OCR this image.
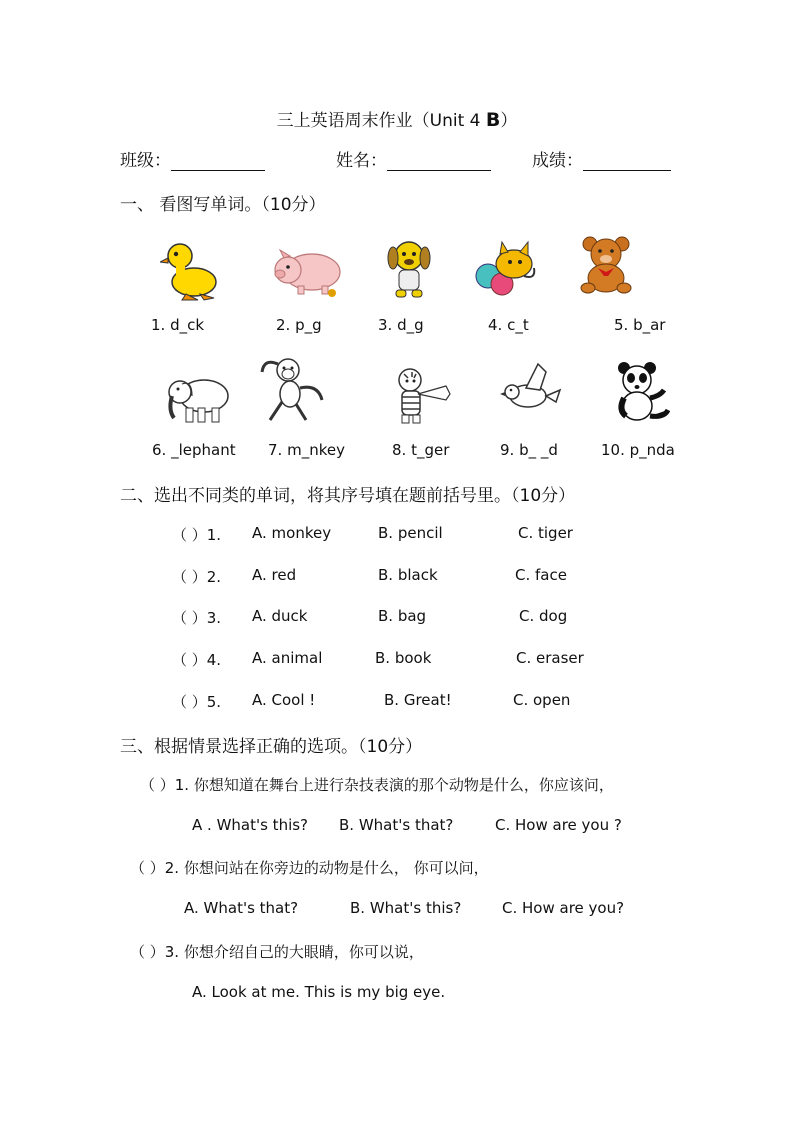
三上英语周末作业（Unit 4 B）
班级：	姓名：	成绩：
一、 看图写单词。（10分）
1. d_ck	2. p_g	3. d_g	4. c_t	5. b_ar
6. _lephant 7. m_nkey	8. t_ger	9. b_ _d	10. p_nda
二、选出不同类的单词，将其序号填在题前括号里。（10分）
（ ）1. A. monkey	B. pencil	C. tiger
（ ）2. A. red	B. black	C. face
（ ）3. A. duck	B. bag	C. dog
（ ）4. A. animal	B. book	C. eraser
（ ）5. A. Cool !	B. Great!	C. open
三、根据情景选择正确的选项。（10分）
（ ）1. 你想知道在舞台上进行杂技表演的那个动物是什么，你应该问，
A . What's this? B. What's that?	C. How are you ?
（ ）2. 你想问站在你旁边的动物是什么， 你可以问，
A. What's that?	B. What's this?	C. How are you?
（ ）3. 你想介绍自己的大眼睛，你可以说，
A. Look at me. This is my big eye.
